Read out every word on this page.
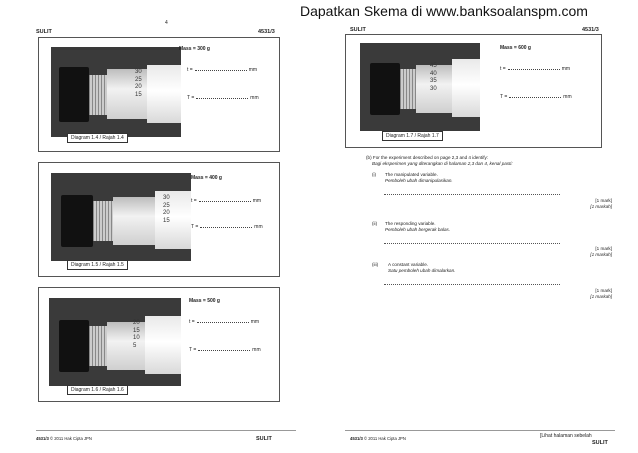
Dapatkan Skema di www.banksoalanspm.com
4
SULIT	4531/3
30
25
20
15
Diagram 1.4 / Rajah 1.4
Mass = 300 g
t =	mm
T =	mm
30
25
20
15
Diagram 1.5 / Rajah 1.5
Mass = 400 g
t =	mm
T =	mm
20
15
10
5
Diagram 1.6 / Rajah 1.6
Mass = 500 g
t =	mm
T =	mm
4531/3 © 2011 Hak Cipta JPN	SULIT
SULIT	4531/3
45
40
35
30
Diagram 1.7 / Rajah 1.7
Mass = 600 g
t =	mm
T =	mm
(b) For the experiment described on page 2,3 and 4 identify:
Bagi eksperimen yang diterangkan di halaman 2,3 dan 4, kenal pasti:
(i) The manipulated variable.
Pemboleh ubah dimanipulasikan.
[1 mark]
[1 markah]
(ii) The responding variable.
Pemboleh ubah bergerak balas.
[1 mark]
[1 markah]
(iii) A constant variable.
Satu pemboleh ubah dimalarkan.
[1 mark]
[1 markah]
4531/3 © 2011 Hak Cipta JPN	[Lihat halaman sebelah
SULIT
